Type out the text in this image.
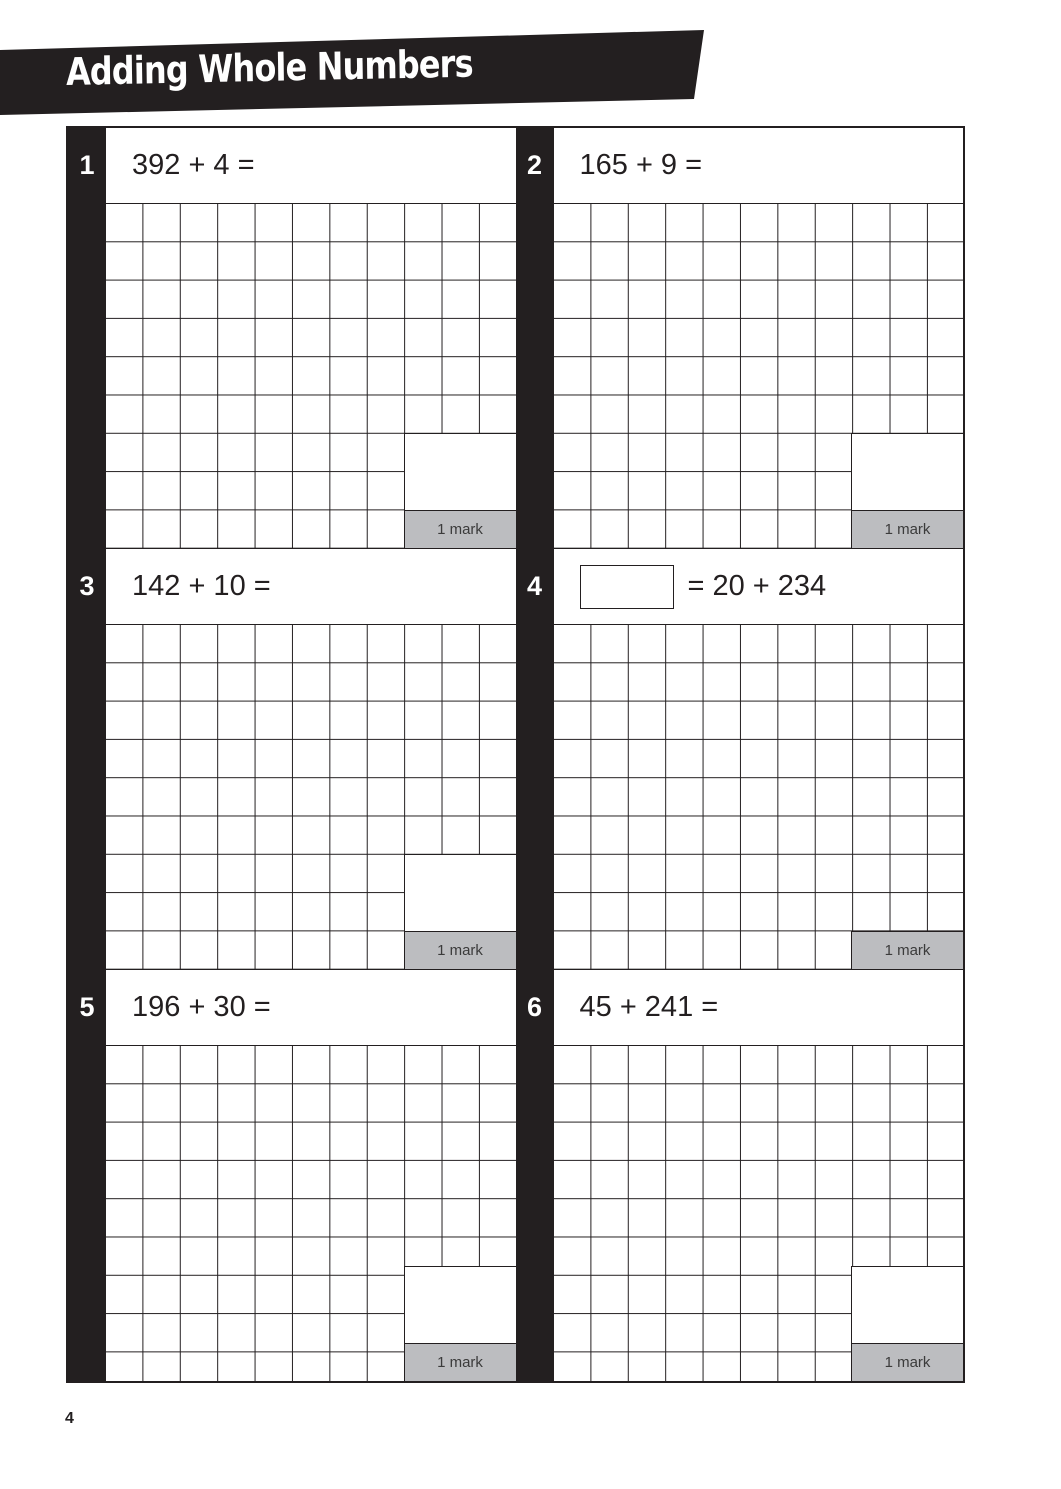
Adding Whole Numbers
1	392 + 4 =
1 mark
2	165 + 9 =
1 mark
3	142 + 10 =
1 mark
4	= 20 + 234
1 mark
5	196 + 30 =
1 mark
6	45 + 241 =
1 mark
4
